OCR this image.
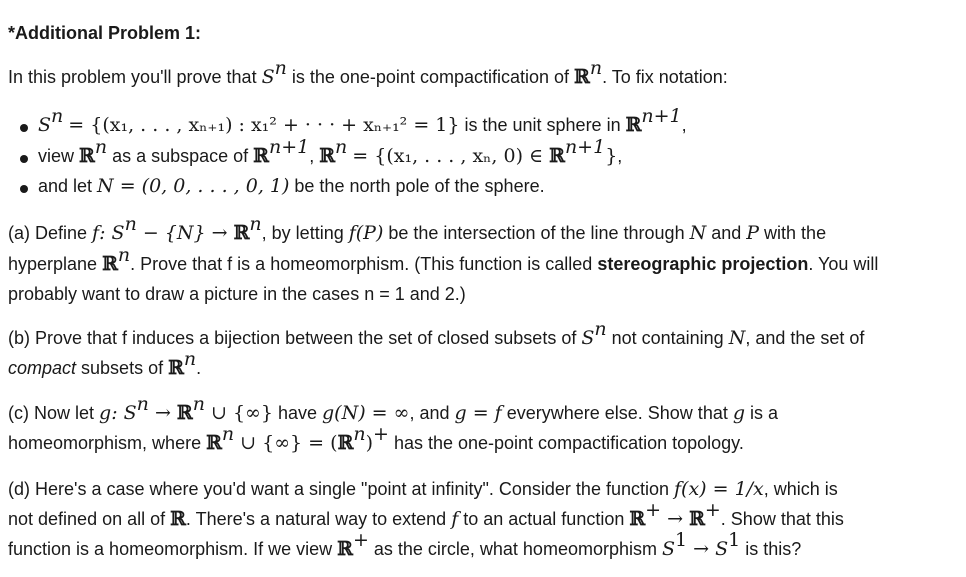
*Additional Problem 1:
In this problem you'll prove that $S^n$ is the one-point compactification of ℝ$^n$. To fix notation:
$S^n = \{(x_1$, . . . , xₙ₊₁) : x₁² + · · · + xₙ₊₁² = 1} is the unit sphere in ℝ$^{n+1}$,
view ℝ$^n$ as a subspace of ℝ$^{n+1}$, ℝ$^n$ = {(x₁, . . . , xₙ, 0) ∈ ℝ$^{n+1}$},
and let N = (0, 0, . . . , 0, 1) be the north pole of the sphere.
(a) Define f: $S^n - \{N\}$ → ℝ$^n$, by letting f(P) be the intersection of the line through N and P with the
hyperplane ℝ$^n$. Prove that f is a homeomorphism. (This function is called stereographic projection. You will
probably want to draw a picture in the cases n = 1 and 2.)
(b) Prove that f induces a bijection between the set of closed subsets of $S^n$ not containing N, and the set of
compact subsets of ℝ$^n$.
(c) Now let g: $S^n$ → ℝ$^n$ ∪ {∞} have g(N) = ∞, and g = f everywhere else. Show that g is a
homeomorphism, where ℝ$^n$ ∪ {∞} = (ℝ$^n$)+ has the one-point compactification topology.
(d) Here's a case where you'd want a single "point at infinity". Consider the function f(x) = 1/x, which is
not defined on all of ℝ. There's a natural way to extend f to an actual function ℝ+ → ℝ+. Show that this
function is a homeomorphism. If we view ℝ+ as the circle, what homeomorphism $S^1 \to S^1$ is this?
